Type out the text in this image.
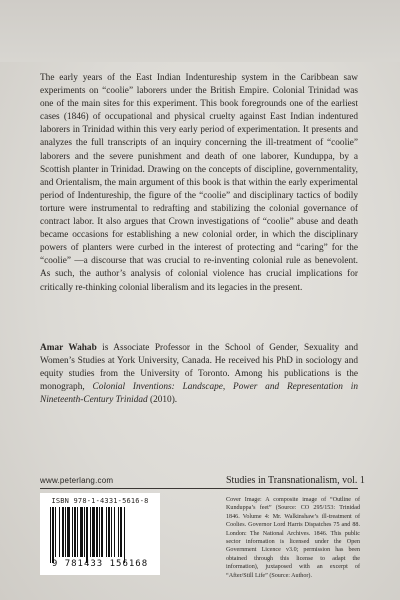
The early years of the East Indian Indentureship system in the Caribbean saw experiments on “coolie” laborers under the British Empire. Colonial Trinidad was one of the main sites for this experiment. This book foregrounds one of the earliest cases (1846) of occupational and physical cruelty against East Indian indentured laborers in Trinidad within this very early period of experimentation. It presents and analyzes the full transcripts of an inquiry concerning the ill-treatment of “coolie” laborers and the severe punishment and death of one laborer, Kunduppa, by a Scottish planter in Trinidad. Drawing on the concepts of discipline, governmentality, and Orientalism, the main argument of this book is that within the early experimental period of Indentureship, the figure of the “coolie” and disciplinary tactics of bodily torture were instrumental to redrafting and stabilizing the colonial governance of contract labor. It also argues that Crown investigations of “coolie” abuse and death became occasions for establishing a new colonial order, in which the disciplinary powers of planters were curbed in the interest of protecting and “caring” for the “coolie” —a discourse that was crucial to re-inventing colonial rule as benevolent. As such, the author’s analysis of colonial violence has crucial implications for critically re-thinking colonial liberalism and its legacies in the present.

Amar Wahab is Associate Professor in the School of Gender, Sexuality and Women’s Studies at York University, Canada. He received his PhD in sociology and equity studies from the University of Toronto. Among his publications is the monograph, Colonial Inventions: Landscape, Power and Representation in Nineteenth-Century Trinidad (2010).

www.peterlang.com	Studies in Transnationalism, vol. 1
ISBN 978-1-4331-5616-8
9 781433 156168

Cover Image: A composite image of “Outline of Kunduppa’s feet” (Source: CO 295/153: Trinidad 1846. Volume 4: Mr. Walkinshaw’s ill-treatment of Coolies. Governor Lord Harris Dispatches 75 and 88. London: The National Archives. 1846. This public sector information is licensed under the Open Government Licence v3.0; permission has been obtained through this license to adapt the information), juxtaposed with an excerpt of “After/Still Life” (Source: Author).
